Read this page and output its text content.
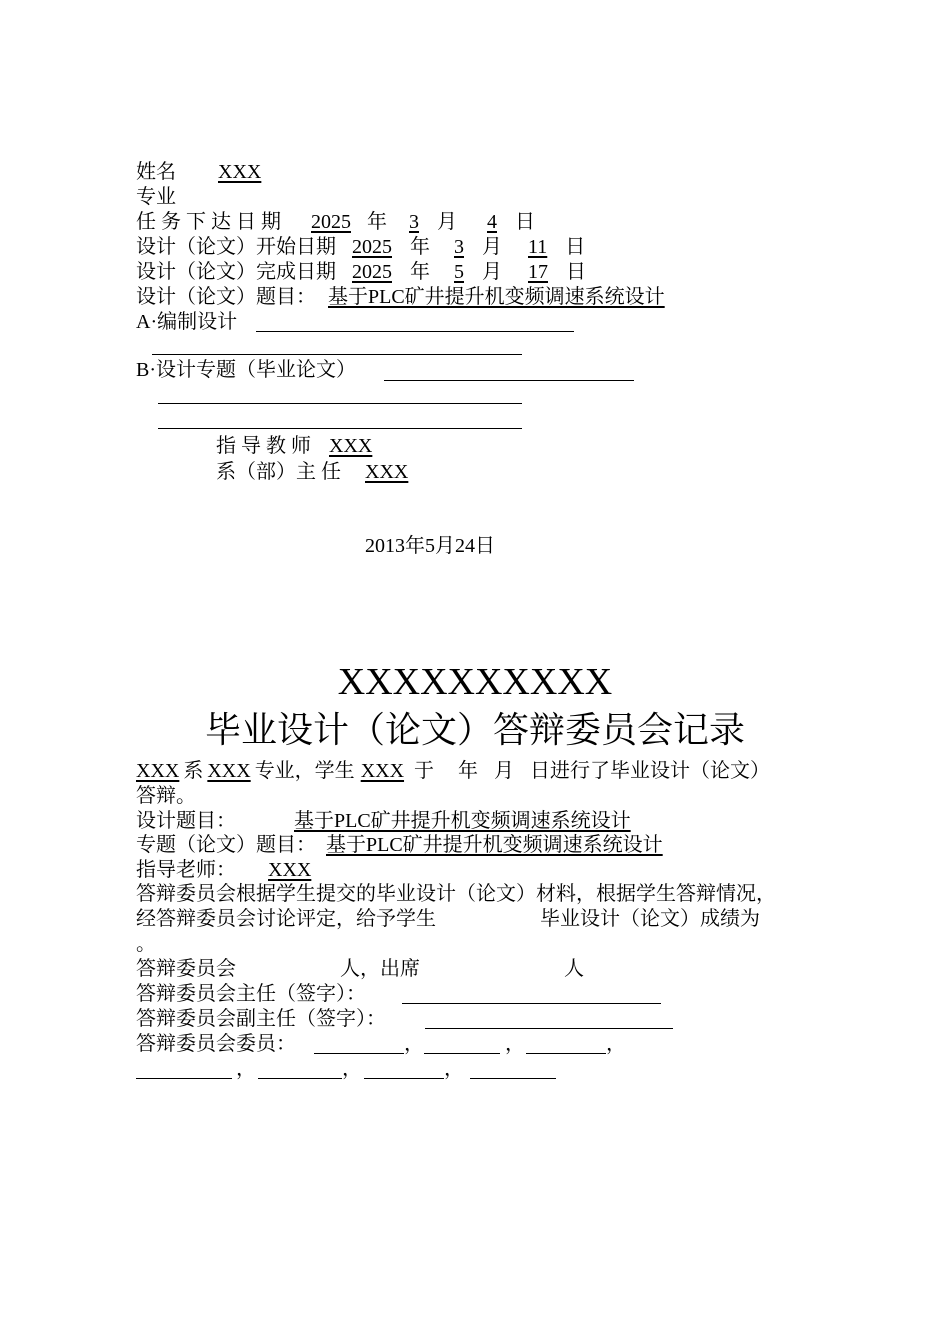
姓名 XXX
专业
任 务 下 达 日 期 2025 年 3 月 4 日
设计（论文）开始日期 2025 年 3 月 11 日
设计（论文）完成日期 2025 年 5 月 17 日
设计（论文）题目： 基于PLC矿井提升机变频调速系统设计
A·编制设计
B·设计专题（毕业论文）
指 导 教 师 XXX
系（部）主 任 XXX
2013年5月24日
XXXXXXXXXX
毕业设计（论文）答辩委员会记录
XXX 系 XXX 专业，学生 XXX 于 年 月 日进行了毕业设计（论文）
答辩。
设计题目：	基于PLC矿井提升机变频调速系统设计
专题（论文）题目： 基于PLC矿井提升机变频调速系统设计
指导老师： XXX
答辩委员会根据学生提交的毕业设计（论文）材料，根据学生答辩情况，
经答辩委员会讨论评定，给予学生	毕业设计（论文）成绩为
。
答辩委员会	人，出席	人
答辩委员会主任（签字）：
答辩委员会副主任（签字）：
答辩委员会委员：	，	，	，
，	，	，
